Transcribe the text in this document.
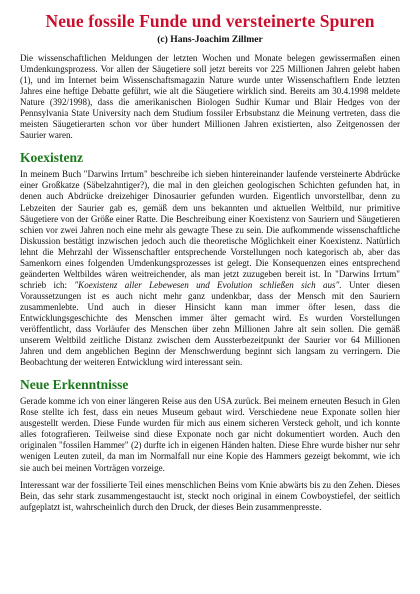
Neue fossile Funde und versteinerte Spuren
(c) Hans-Joachim Zillmer

Die wissenschaftlichen Meldungen der letzten Wochen und Monate belegen gewissermaßen einen Umdenkungsprozess. Vor allen der Säugetiere soll jetzt bereits vor 225 Millionen Jahren gelebt haben (1), und im Internet beim Wissenschaftsmagazin Nature wurde unter Wissenschaftlern Ende letzten Jahres eine heftige Debatte geführt, wie alt die Säugetiere wirklich sind. Bereits am 30.4.1998 meldete Nature (392/1998), dass die amerikanischen Biologen Sudhir Kumar und Blair Hedges von der Pennsylvania State University nach dem Studium fossiler Erbsubstanz die Meinung vertreten, dass die meisten Säugetierarten schon vor über hundert Millionen Jahren existierten, also Zeitgenossen der Saurier waren.

Koexistenz

In meinem Buch "Darwins Irrtum" beschreibe ich sieben hintereinander laufende versteinerte Abdrücke einer Großkatze (Säbelzahntiger?), die mal in den gleichen geologischen Schichten gefunden hat, in denen auch Abdrücke dreizehiger Dinosaurier gefunden wurden. Eigentlich unvorstellbar, denn zu Lebzeiten der Saurier gab es, gemäß dem uns bekannten und aktuellen Weltbild, nur primitive Säugetiere von der Größe einer Ratte. Die Beschreibung einer Koexistenz von Sauriern und Säugetieren schien vor zwei Jahren noch eine mehr als gewagte These zu sein. Die aufkommende wissenschaftliche Diskussion bestätigt inzwischen jedoch auch die theoretische Möglichkeit einer Koexistenz. Natürlich lehnt die Mehrzahl der Wissenschaftler entsprechende Vorstellungen noch kategorisch ab, aber das Samenkorn eines folgenden Umdenkungsprozesses ist gelegt. Die Konsequenzen eines entsprechend geänderten Weltbildes wären weitreichender, als man jetzt zuzugeben bereit ist. In "Darwins Irrtum" schrieb ich: "Koexistenz aller Lebewesen und Evolution schließen sich aus". Unter diesen Voraussetzungen ist es auch nicht mehr ganz undenkbar, dass der Mensch mit den Sauriern zusammenlebte. Und auch in dieser Hinsicht kann man immer öfter lesen, dass die Entwicklungsgeschichte des Menschen immer älter gemacht wird. Es wurden Vorstellungen veröffentlicht, dass Vorläufer des Menschen über zehn Millionen Jahre alt sein sollen. Die gemäß unserem Weltbild zeitliche Distanz zwischen dem Aussterbezeitpunkt der Saurier vor 64 Millionen Jahren und dem angeblichen Beginn der Menschwerdung beginnt sich langsam zu verringern. Die Beobachtung der weiteren Entwicklung wird interessant sein.

Neue Erkenntnisse

Gerade komme ich von einer längeren Reise aus den USA zurück. Bei meinem erneuten Besuch in Glen Rose stellte ich fest, dass ein neues Museum gebaut wird. Verschiedene neue Exponate sollen hier ausgestellt werden. Diese Funde wurden für mich aus einem sicheren Versteck geholt, und ich konnte alles fotografieren. Teilweise sind diese Exponate noch gar nicht dokumentiert worden. Auch den originalen "fossilen Hammer" (2) durfte ich in eigenen Händen halten. Diese Ehre wurde bisher nur sehr wenigen Leuten zuteil, da man im Normalfall nur eine Kopie des Hammers gezeigt bekommt, wie ich sie auch bei meinen Vorträgen vorzeige.

Interessant war der fossilierte Teil eines menschlichen Beins vom Knie abwärts bis zu den Zehen. Dieses Bein, das sehr stark zusammengestaucht ist, steckt noch original in einem Cowboystiefel, der seitlich aufgeplatzt ist, wahrscheinlich durch den Druck, der dieses Bein zusammenpresste.
